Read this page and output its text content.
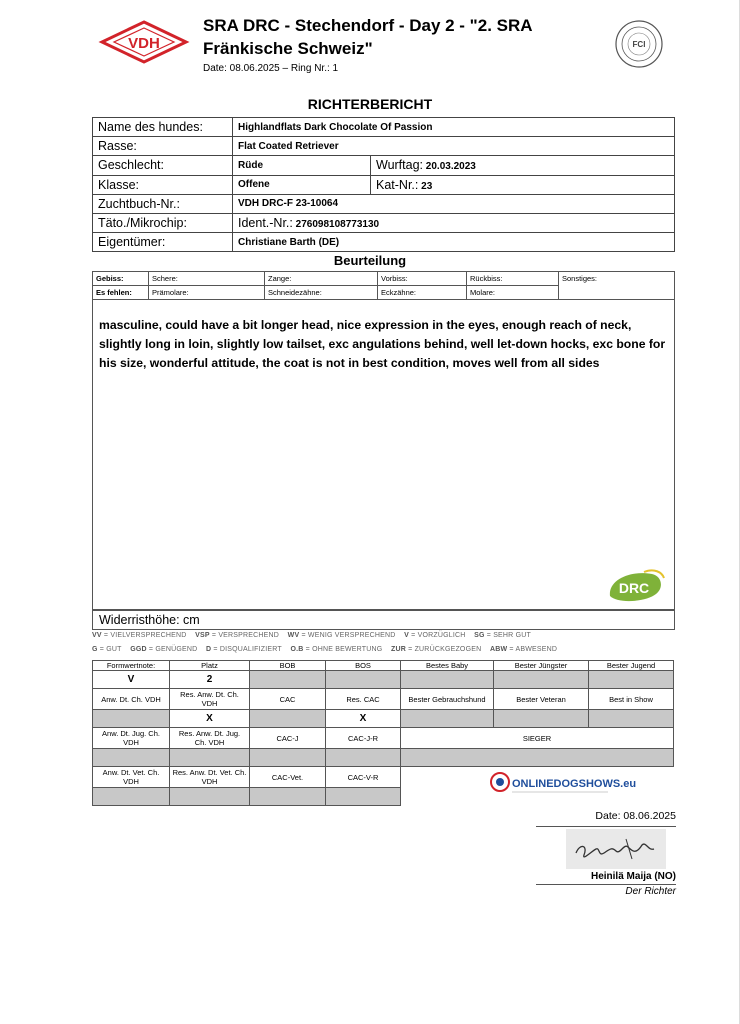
VDH
SRA DRC - Stechendorf - Day 2 - "2. SRA Fränkische Schweiz"
Date: 08.06.2025 – Ring Nr.: 1
FCI
RICHTERBERICHT
Name des hundes:	Highlandflats Dark Chocolate Of Passion	
Rasse:	Flat Coated Retriever	
Geschlecht:	Rüde	Wurftag: 20.03.2023
Klasse:	Offene	Kat-Nr.: 23
Zuchtbuch-Nr.:	VDH DRC-F 23-10064	
Täto./Mikrochip:	Ident.-Nr.: 276098108773130	
Eigentümer:	Christiane Barth (DE)	
Beurteilung
Gebiss:	Schere:	Zange:	Vorbiss:	Rückbiss:	Sonstiges:
Es fehlen:	Prämolare:	Schneidezähne:	Eckzähne:	Molare:	
masculine, could have a bit longer head, nice expression in the eyes, enough reach of neck, slightly long in loin, slightly low tailset, exc angulations behind, well let-down hocks, exc bone for his size, wonderful attitude, the coat is not in best condition, moves well from all sides
DRC
Widerristhöhe: cm
VV = VIELVERSPRECHEND VSP = VERSPRECHEND WV = WENIG VERSPRECHEND V = VORZÜGLICH SG = SEHR GUT
G = GUT GGD = GENÜGEND D = DISQUALIFIZIERT O.B = OHNE BEWERTUNG ZUR = ZURÜCKGEZOGEN ABW = ABWESEND
Formwertnote:	Platz	BOB	BOS	Bestes Baby	Bester Jüngster	Bester Jugend
V	2					
Anw. Dt. Ch. VDH	Res. Anw. Dt. Ch. VDH	CAC	Res. CAC	Bester Gebrauchshund	Bester Veteran	Best in Show
	X		X			
Anw. Dt. Jug. Ch. VDH	Res. Anw. Dt. Jug. Ch. VDH	CAC-J	CAC-J-R	SIEGER		

Anw. Dt. Vet. Ch. VDH	Res. Anw. Dt. Vet. Ch. VDH	CAC-Vet.	CAC-V-R			

ONLINEDOGSHOWS.eu
Date: 08.06.2025
Heinilä Maija (NO)
Der Richter
